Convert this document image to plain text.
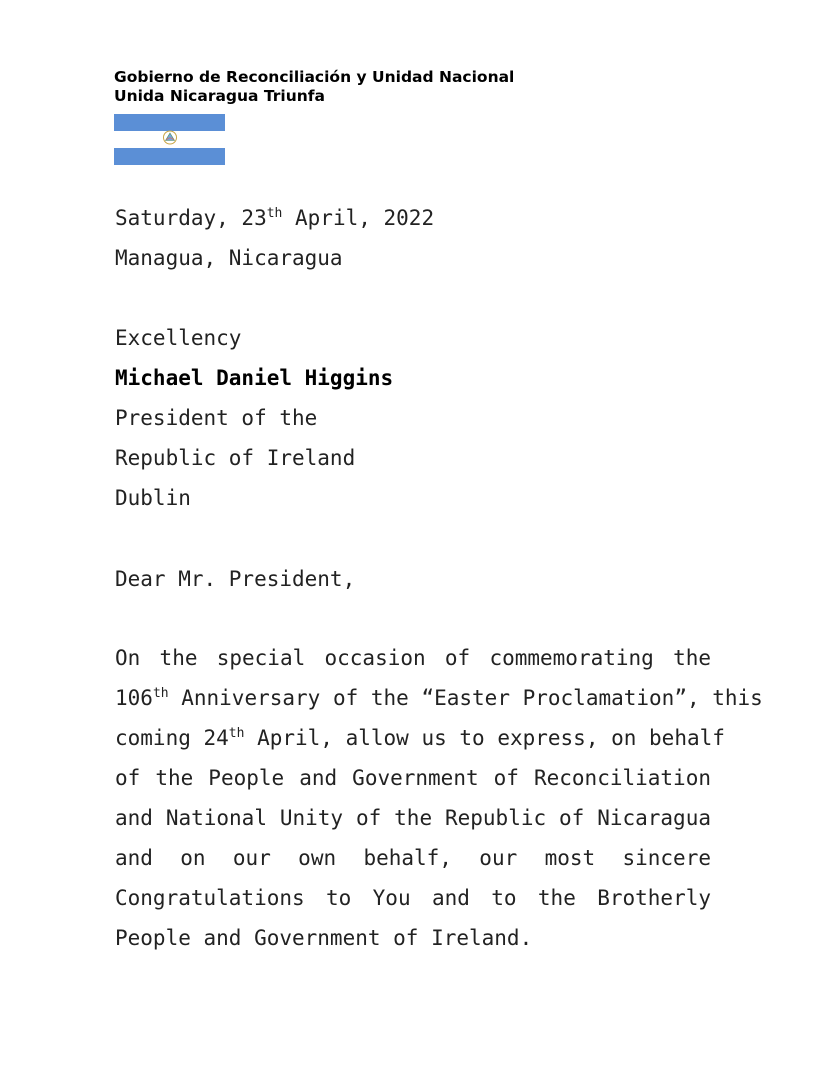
Gobierno de Reconciliación y Unidad Nacional
Unida Nicaragua Triunfa

Saturday, 23th April, 2022

Managua, Nicaragua

Excellency

Michael Daniel Higgins

President of the

Republic of Ireland

Dublin

Dear Mr. President,

On the special occasion of commemorating the
106th Anniversary of the “Easter Proclamation”, this
coming 24th April, allow us to express, on behalf
of the People and Government of Reconciliation
and National Unity of the Republic of Nicaragua
and on our own behalf, our most sincere
Congratulations to You and to the Brotherly
People and Government of Ireland.
